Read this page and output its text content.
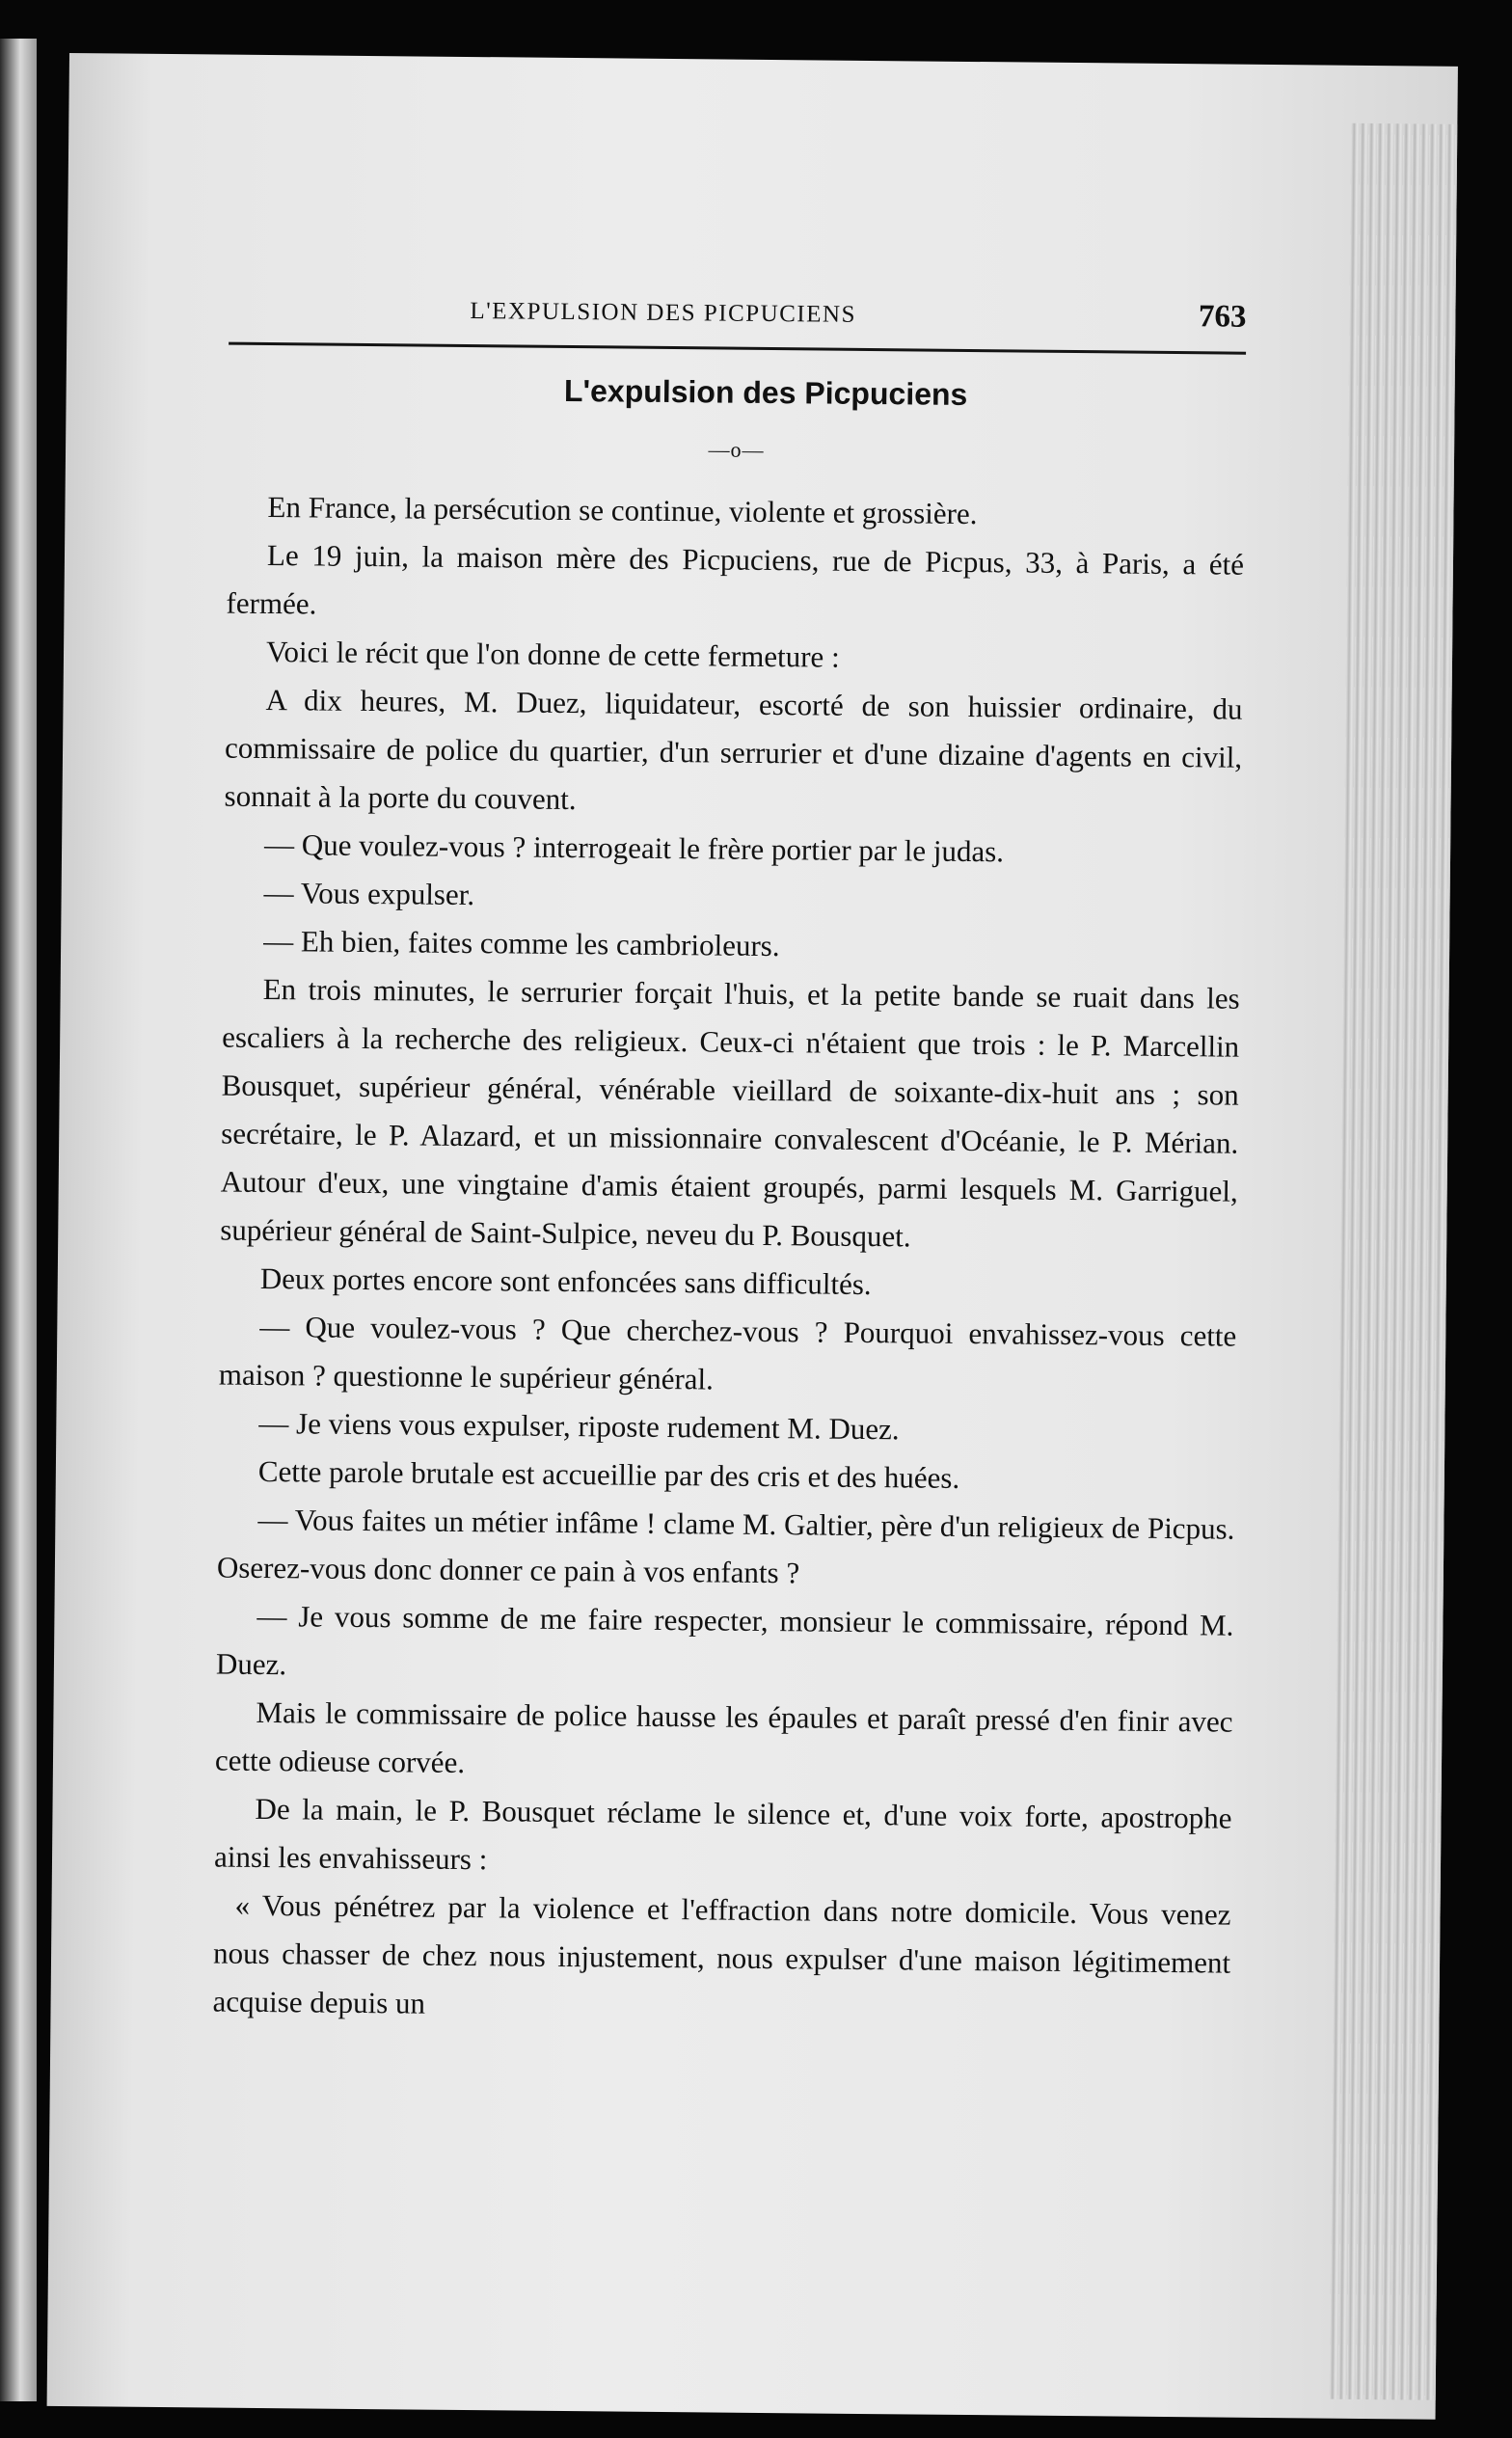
L'EXPULSION DES PICPUCIENS	763
L'expulsion des Picpuciens
—o—

En France, la persécution se continue, violente et grossière.

Le 19 juin, la maison mère des Picpuciens, rue de Picpus, 33, à Paris, a été fermée.

Voici le récit que l'on donne de cette fermeture :

A dix heures, M. Duez, liquidateur, escorté de son huissier ordinaire, du commissaire de police du quartier, d'un serrurier et d'une dizaine d'agents en civil, sonnait à la porte du couvent.

— Que voulez-vous ? interrogeait le frère portier par le judas.

— Vous expulser.

— Eh bien, faites comme les cambrioleurs.

En trois minutes, le serrurier forçait l'huis, et la petite bande se ruait dans les escaliers à la recherche des religieux. Ceux-ci n'étaient que trois : le P. Marcellin Bousquet, supérieur général, vénérable vieillard de soixante-dix-huit ans ; son secrétaire, le P. Alazard, et un missionnaire convalescent d'Océanie, le P. Mérian. Autour d'eux, une vingtaine d'amis étaient groupés, parmi lesquels M. Garriguel, supérieur général de Saint-Sulpice, neveu du P. Bousquet.

Deux portes encore sont enfoncées sans difficultés.

— Que voulez-vous ? Que cherchez-vous ? Pourquoi envahissez-vous cette maison ? questionne le supérieur général.

— Je viens vous expulser, riposte rudement M. Duez.

Cette parole brutale est accueillie par des cris et des huées.

— Vous faites un métier infâme ! clame M. Galtier, père d'un religieux de Picpus. Oserez-vous donc donner ce pain à vos enfants ?

— Je vous somme de me faire respecter, monsieur le commissaire, répond M. Duez.

Mais le commissaire de police hausse les épaules et paraît pressé d'en finir avec cette odieuse corvée.

De la main, le P. Bousquet réclame le silence et, d'une voix forte, apostrophe ainsi les envahisseurs :

« Vous pénétrez par la violence et l'effraction dans notre domicile. Vous venez nous chasser de chez nous injustement, nous expulser d'une maison légitimement acquise depuis un
